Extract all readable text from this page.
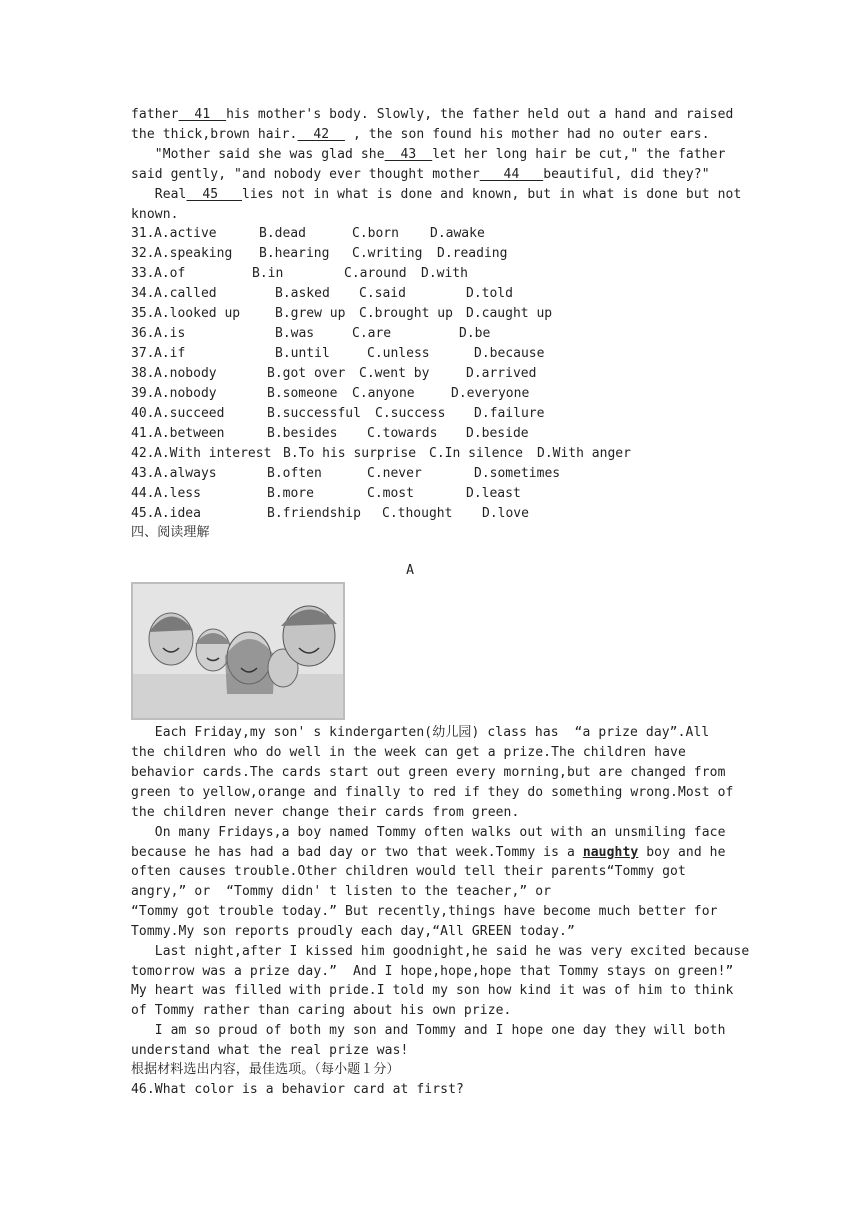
father  41  his mother's body. Slowly, the father held out a hand and raised
the thick,brown hair.  42   , the son found his mother had no outer ears.
"Mother said she was glad she  43  let her long hair be cut," the father
said gently, "and nobody ever thought mother   44   beautiful, did they?"
Real  45   lies not in what is done and known, but in what is done but not
known.
31. A.active	B.dead	C.born D.awake
32. A.speaking B.hearing C.writing D.reading
33. A.of	B.in	C.around D.with
34. A.called	B.asked C.said	D.told
35. A.looked up	B.grew up C.brought up D.caught up
36. A.is	B.was	C.are	D.be
37. A.if	B.until	C.unless	D.because
38. A.nobody	B.got over C.went by	D.arrived
39. A.nobody	B.someone C.anyone	D.everyone
40. A.succeed	B.successful C.success D.failure
41. A.between	B.besides C.towards D.beside
42. A.With interest B.To his surprise C.In silence D.With anger
43. A.always	B.often	C.never	D.sometimes
44. A.less	B.more	C.most	D.least
45. A.idea	B.friendship C.thought D.love
四、阅读理解
A
Each Friday,my son' s kindergarten(幼儿园) class has  “a prize day”.All
the children who do well in the week can get a prize.The children have
behavior cards.The cards start out green every morning,but are changed from
green to yellow,orange and finally to red if they do something wrong.Most of
the children never change their cards from green.
On many Fridays,a boy named Tommy often walks out with an unsmiling face
because he has had a bad day or two that week.Tommy is a naughty boy and he
often causes trouble.Other children would tell their parents“Tommy got
angry,” or  “Tommy didn' t listen to the teacher,” or
“Tommy got trouble today.” But recently,things have become much better for
Tommy.My son reports proudly each day,“All GREEN today.”
Last night,after I kissed him goodnight,he said he was very excited because
tomorrow was a prize day.”  And I hope,hope,hope that Tommy stays on green!”
My heart was filled with pride.I told my son how kind it was of him to think
of Tommy rather than caring about his own prize.
I am so proud of both my son and Tommy and I hope one day they will both
understand what the real prize was!
根据材料选出内容，最佳选项。（每小题１分）
46.What color is a behavior card at first?
